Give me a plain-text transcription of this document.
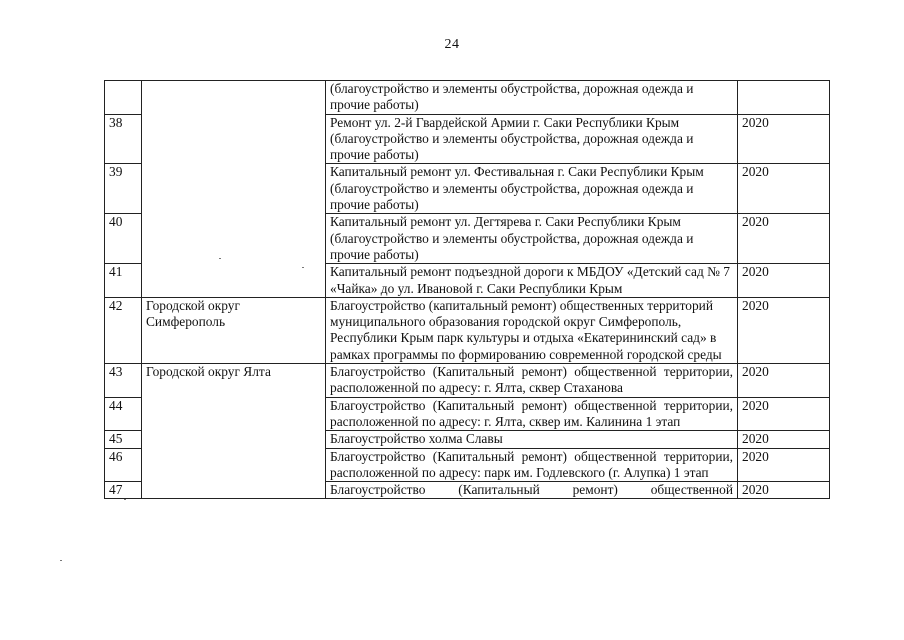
24
		(благоустройство и элементы обустройства, дорожная одежда и прочие работы)	
38		Ремонт ул. 2-й Гвардейской Армии г. Саки Республики Крым (благоустройство и элементы обустройства, дорожная одежда и прочие работы)	2020
39		Капитальный ремонт ул. Фестивальная г. Саки Республики Крым (благоустройство и элементы обустройства, дорожная одежда и прочие работы)	2020
40		Капитальный ремонт ул. Дегтярева г. Саки Республики Крым (благоустройство и элементы обустройства, дорожная одежда и прочие работы)	2020
41		Капитальный ремонт подъездной дороги к МБДОУ «Детский сад № 7 «Чайка» до ул. Ивановой г. Саки Республики Крым	2020
42	Городской округ Симферополь	Благоустройство (капитальный ремонт) общественных территорий муниципального образования городской округ Симферополь, Республики Крым парк культуры и отдыха «Екатерининский сад» в рамках программы по формированию современной городской среды	2020
43	Городской округ Ялта	Благоустройство (Капитальный ремонт) общественной территории, расположенной по адресу: г. Ялта, сквер Стаханова	2020
44		Благоустройство (Капитальный ремонт) общественной территории, расположенной по адресу: г. Ялта, сквер им. Калинина 1 этап	2020
45		Благоустройство холма Славы	2020
46		Благоустройство (Капитальный ремонт) общественной территории, расположенной по адресу: парк им. Годлевского (г. Алупка) 1 этап	2020
47		Благоустройство (Капитальный ремонт) общественной	2020
